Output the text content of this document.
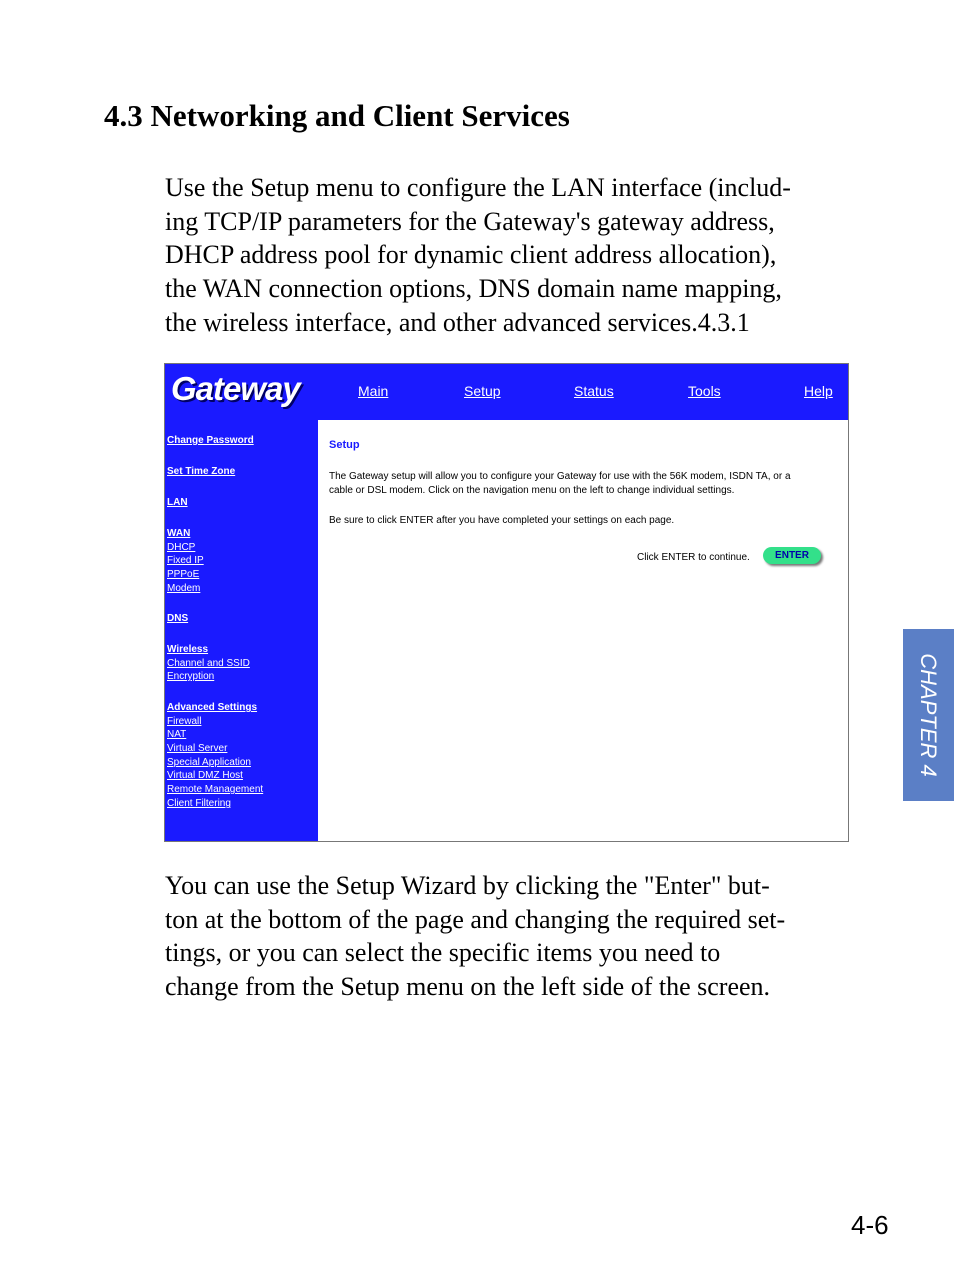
4.3 Networking and Client Services

Use the Setup menu to configure the LAN interface (includ-
ing TCP/IP parameters for the Gateway's gateway address,
DHCP address pool for dynamic client address allocation),
the WAN connection options, DNS domain name mapping,
the wireless interface, and other advanced services.4.3.1

Gateway	Main	Setup	Status	Tools	Help
Change Password
Set Time Zone
LAN
WAN
DHCP
Fixed IP
PPPoE
Modem
DNS
Wireless
Channel and SSID
Encryption
Advanced Settings
Firewall
NAT
Virtual Server
Special Application
Virtual DMZ Host
Remote Management
Client Filtering
Setup
The Gateway setup will allow you to configure your Gateway for use with the 56K modem, ISDN TA, or a
cable or DSL modem. Click on the navigation menu on the left to change individual settings.
Be sure to click ENTER after you have completed your settings on each page.
Click ENTER to continue.	ENTER

You can use the Setup Wizard by clicking the "Enter" but-
ton at the bottom of the page and changing the required set-
tings, or you can select the specific items you need to
change from the Setup menu on the left side of the screen.

CHAPTER 4
4-6
